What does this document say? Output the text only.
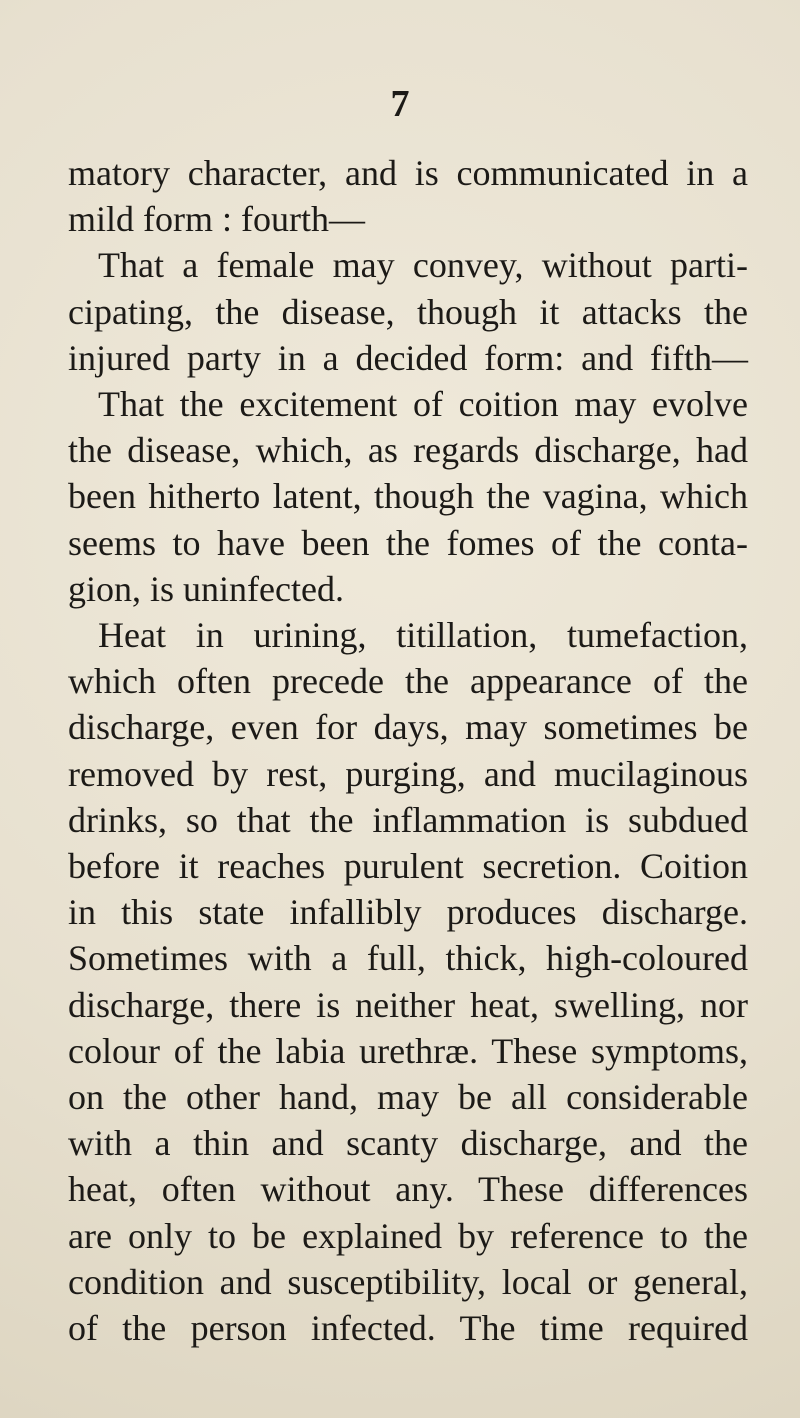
7
matory character, and is communicated in a
mild form : fourth—
That a female may convey, without parti-
cipating, the disease, though it attacks the
injured party in a decided form: and fifth—
That the excitement of coition may evolve
the disease, which, as regards discharge, had
been hitherto latent, though the vagina, which
seems to have been the fomes of the conta-
gion, is uninfected.
Heat in urining, titillation, tumefaction,
which often precede the appearance of the
discharge, even for days, may sometimes be
removed by rest, purging, and mucilaginous
drinks, so that the inflammation is subdued
before it reaches purulent secretion. Coition
in this state infallibly produces discharge.
Sometimes with a full, thick, high-coloured
discharge, there is neither heat, swelling, nor
colour of the labia urethræ. These symptoms,
on the other hand, may be all considerable
with a thin and scanty discharge, and the
heat, often without any. These differences
are only to be explained by reference to the
condition and susceptibility, local or general,
of the person infected. The time required
